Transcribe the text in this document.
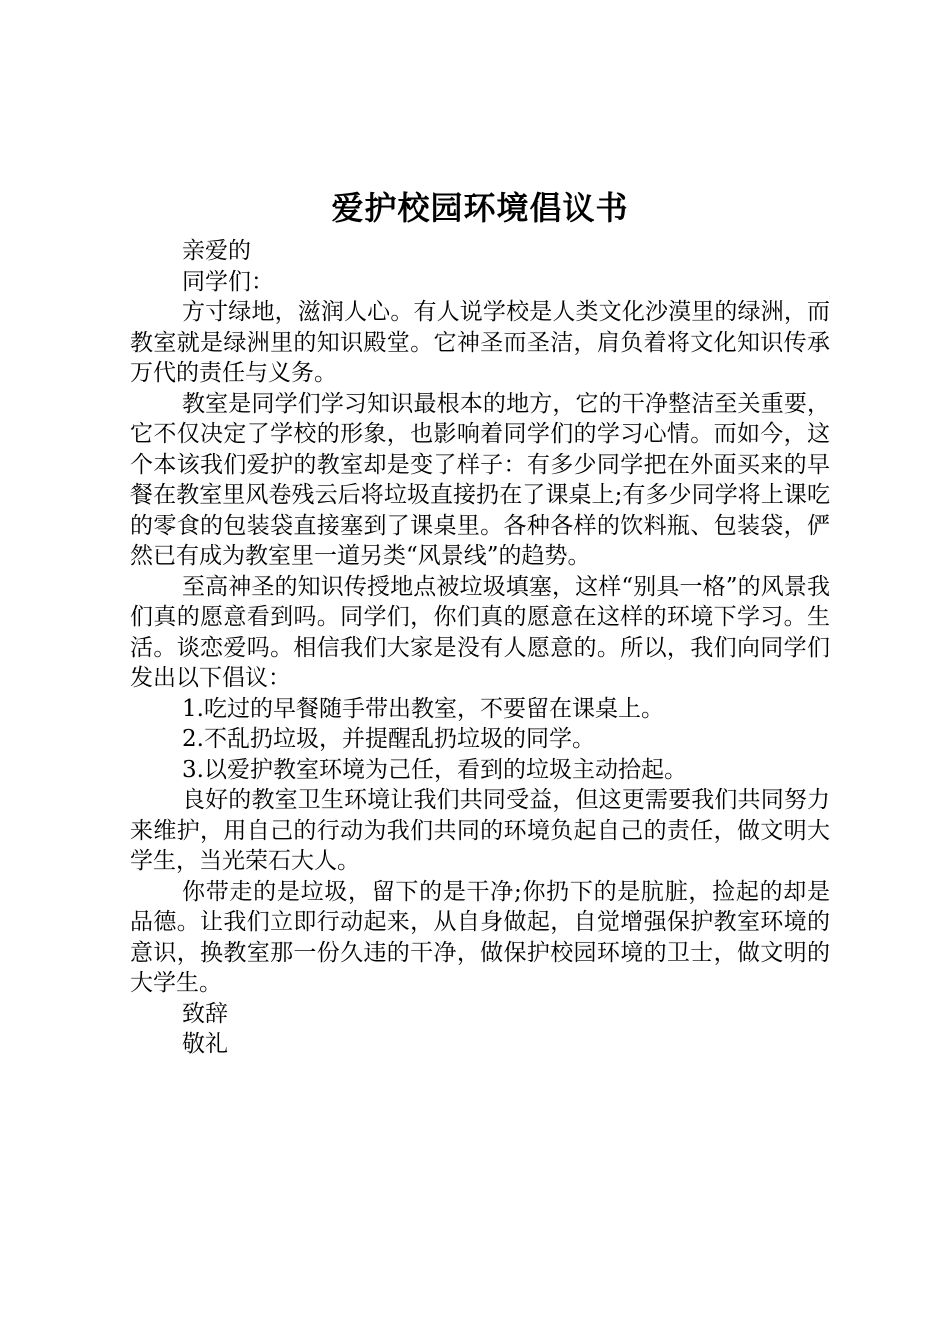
爱护校园环境倡议书

亲爱的

同学们：

方寸绿地，滋润人心。有人说学校是人类文化沙漠里的绿洲，而教室就是绿洲里的知识殿堂。它神圣而圣洁，肩负着将文化知识传承万代的责任与义务。

教室是同学们学习知识最根本的地方，它的干净整洁至关重要，它不仅决定了学校的形象，也影响着同学们的学习心情。而如今，这个本该我们爱护的教室却是变了样子：有多少同学把在外面买来的早餐在教室里风卷残云后将垃圾直接扔在了课桌上;有多少同学将上课吃的零食的包装袋直接塞到了课桌里。各种各样的饮料瓶、包装袋，俨然已有成为教室里一道另类“风景线”的趋势。

至高神圣的知识传授地点被垃圾填塞，这样“别具一格”的风景我们真的愿意看到吗。同学们，你们真的愿意在这样的环境下学习。生活。谈恋爱吗。相信我们大家是没有人愿意的。所以，我们向同学们发出以下倡议：

1.吃过的早餐随手带出教室，不要留在课桌上。

2.不乱扔垃圾，并提醒乱扔垃圾的同学。

3.以爱护教室环境为己任，看到的垃圾主动拾起。

良好的教室卫生环境让我们共同受益，但这更需要我们共同努力来维护，用自己的行动为我们共同的环境负起自己的责任，做文明大学生，当光荣石大人。

你带走的是垃圾，留下的是干净;你扔下的是肮脏，捡起的却是品德。让我们立即行动起来，从自身做起，自觉增强保护教室环境的意识，换教室那一份久违的干净，做保护校园环境的卫士，做文明的大学生。

致辞

敬礼
